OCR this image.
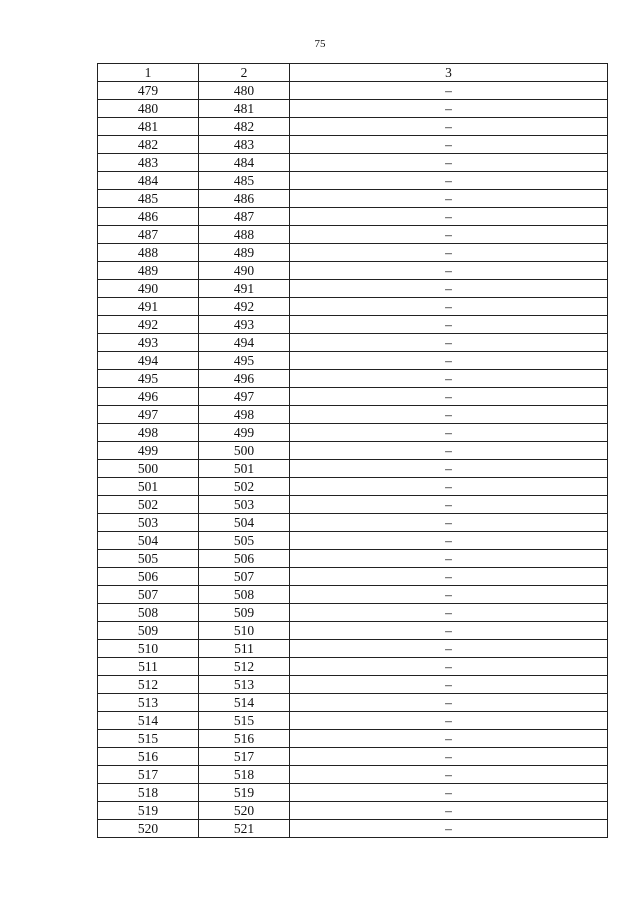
75
1	2	3
479	480	–
480	481	–
481	482	–
482	483	–
483	484	–
484	485	–
485	486	–
486	487	–
487	488	–
488	489	–
489	490	–
490	491	–
491	492	–
492	493	–
493	494	–
494	495	–
495	496	–
496	497	–
497	498	–
498	499	–
499	500	–
500	501	–
501	502	–
502	503	–
503	504	–
504	505	–
505	506	–
506	507	–
507	508	–
508	509	–
509	510	–
510	511	–
511	512	–
512	513	–
513	514	–
514	515	–
515	516	–
516	517	–
517	518	–
518	519	–
519	520	–
520	521	–
